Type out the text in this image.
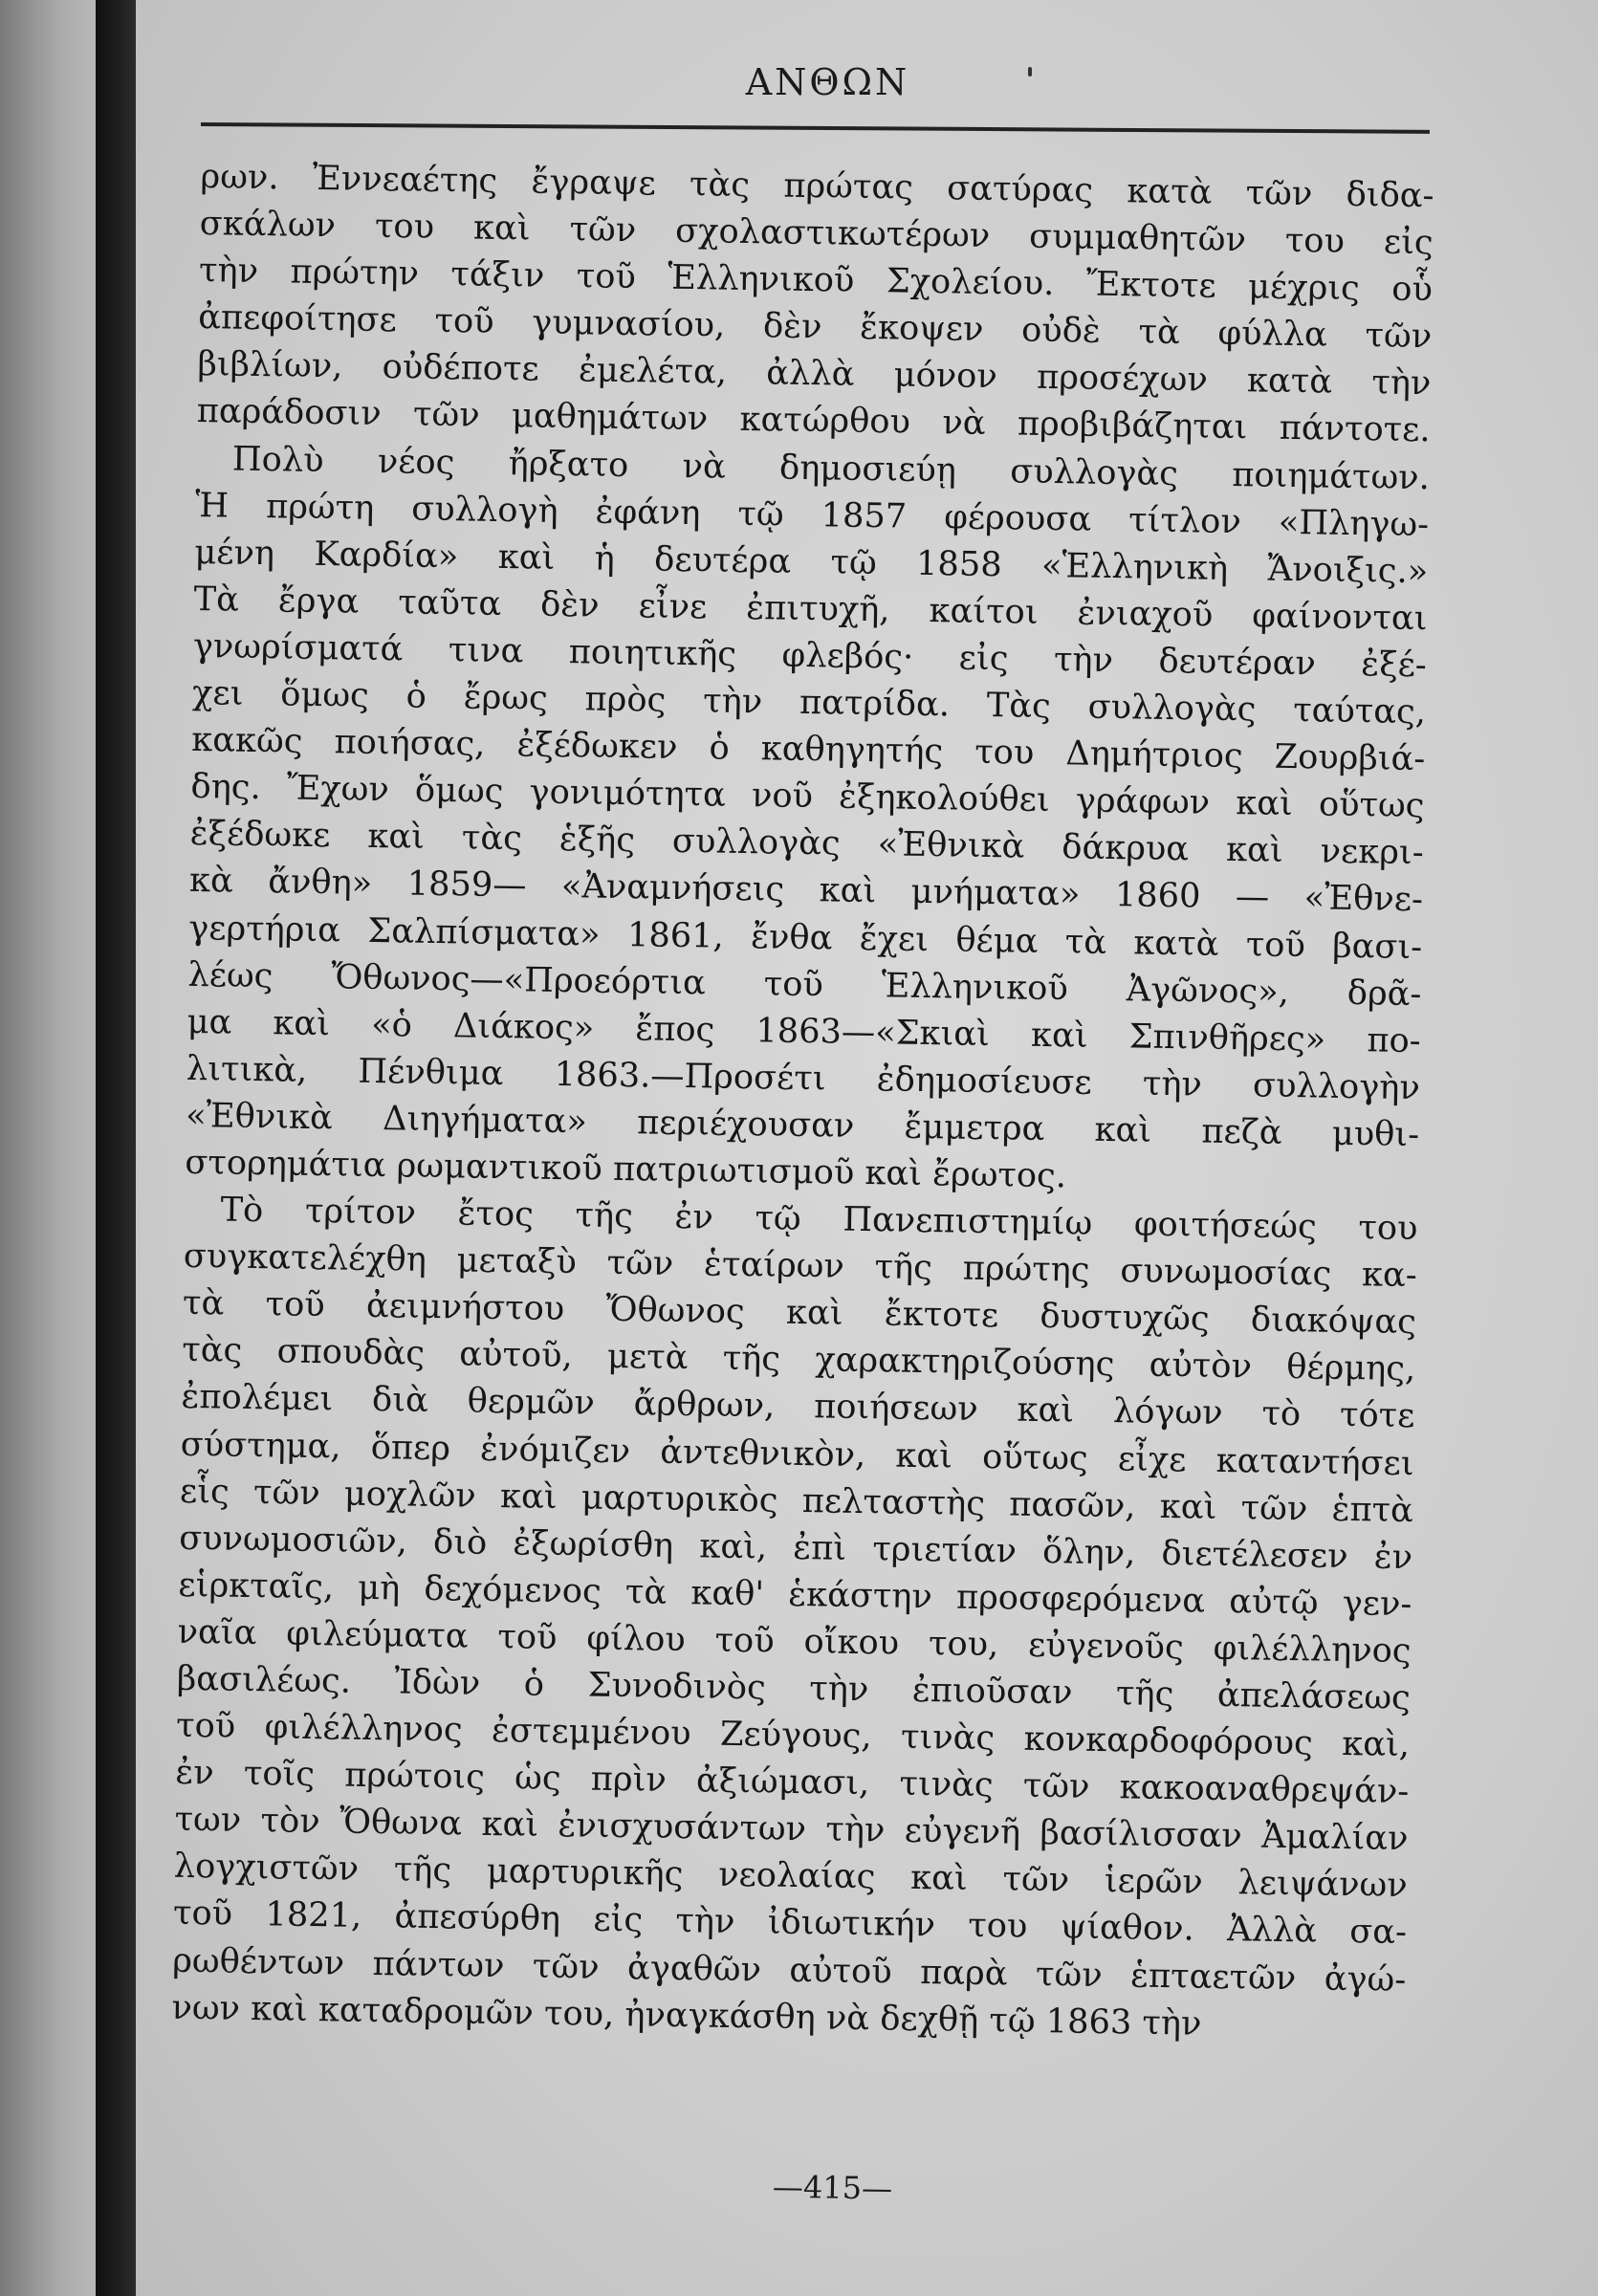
ΑΝΘΩΝ
ρων. Ἐννεαέτης ἔγραψε τὰς πρώτας σατύρας κατὰ τῶν διδα-
σκάλων του καὶ τῶν σχολαστικωτέρων συμμαθητῶν του εἰς
τὴν πρώτην τάξιν τοῦ Ἑλληνικοῦ Σχολείου. Ἔκτοτε μέχρις οὗ
ἀπεφοίτησε τοῦ γυμνασίου, δὲν ἔκοψεν οὐδὲ τὰ φύλλα τῶν
βιβλίων, οὐδέποτε ἐμελέτα, ἀλλὰ μόνον προσέχων κατὰ τὴν
παράδοσιν τῶν μαθημάτων κατώρθου νὰ προβιβάζηται πάντοτε.
Πολὺ νέος ἤρξατο νὰ δημοσιεύῃ συλλογὰς ποιημάτων.
Ἡ πρώτη συλλογὴ ἐφάνη τῷ 1857 φέρουσα τίτλον «Πληγω-
μένη Καρδία» καὶ ἡ δευτέρα τῷ 1858 «Ἑλληνικὴ Ἄνοιξις.»
Τὰ ἔργα ταῦτα δὲν εἶνε ἐπιτυχῆ, καίτοι ἐνιαχοῦ φαίνονται
γνωρίσματά τινα ποιητικῆς φλεβός· εἰς τὴν δευτέραν ἐξέ-
χει ὅμως ὁ ἔρως πρὸς τὴν πατρίδα. Τὰς συλλογὰς ταύτας,
κακῶς ποιήσας, ἐξέδωκεν ὁ καθηγητής του Δημήτριος Ζουρβιά-
δης. Ἔχων ὅμως γονιμότητα νοῦ ἐξηκολούθει γράφων καὶ οὕτως
ἐξέδωκε καὶ τὰς ἑξῆς συλλογὰς «Ἐθνικὰ δάκρυα καὶ νεκρι-
κὰ ἄνθη» 1859— «Ἀναμνήσεις καὶ μνήματα» 1860 — «Ἐθνε-
γερτήρια Σαλπίσματα» 1861, ἔνθα ἔχει θέμα τὰ κατὰ τοῦ βασι-
λέως Ὄθωνος—«Προεόρτια τοῦ Ἑλληνικοῦ Ἀγῶνος», δρᾶ-
μα καὶ «ὁ Διάκος» ἔπος 1863—«Σκιαὶ καὶ Σπινθῆρες» πο-
λιτικὰ, Πένθιμα 1863.—Προσέτι ἐδημοσίευσε τὴν συλλογὴν
«Ἐθνικὰ Διηγήματα» περιέχουσαν ἔμμετρα καὶ πεζὰ μυθι-
στορημάτια ρωμαντικοῦ πατριωτισμοῦ καὶ ἔρωτος.
Τὸ τρίτον ἔτος τῆς ἐν τῷ Πανεπιστημίῳ φοιτήσεώς του
συγκατελέχθη μεταξὺ τῶν ἑταίρων τῆς πρώτης συνωμοσίας κα-
τὰ τοῦ ἀειμνήστου Ὄθωνος καὶ ἔκτοτε δυστυχῶς διακόψας
τὰς σπουδὰς αὐτοῦ, μετὰ τῆς χαρακτηριζούσης αὐτὸν θέρμης,
ἐπολέμει διὰ θερμῶν ἄρθρων, ποιήσεων καὶ λόγων τὸ τότε
σύστημα, ὅπερ ἐνόμιζεν ἀντεθνικὸν, καὶ οὕτως εἶχε καταντήσει
εἷς τῶν μοχλῶν καὶ μαρτυρικὸς πελταστὴς πασῶν, καὶ τῶν ἑπτὰ
συνωμοσιῶν, διὸ ἐξωρίσθη καὶ, ἐπὶ τριετίαν ὅλην, διετέλεσεν ἐν
εἱρκταῖς, μὴ δεχόμενος τὰ καθ' ἑκάστην προσφερόμενα αὐτῷ γεν-
ναῖα φιλεύματα τοῦ φίλου τοῦ οἴκου του, εὐγενοῦς φιλέλληνος
βασιλέως. Ἰδὼν ὁ Συνοδινὸς τὴν ἐπιοῦσαν τῆς ἀπελάσεως
τοῦ φιλέλληνος ἐστεμμένου Ζεύγους, τινὰς κονκαρδοφόρους καὶ,
ἐν τοῖς πρώτοις ὡς πρὶν ἀξιώμασι, τινὰς τῶν κακοαναθρεψάν-
των τὸν Ὄθωνα καὶ ἐνισχυσάντων τὴν εὐγενῆ βασίλισσαν Ἀμαλίαν
λογχιστῶν τῆς μαρτυρικῆς νεολαίας καὶ τῶν ἱερῶν λειψάνων
τοῦ 1821, ἀπεσύρθη εἰς τὴν ἰδιωτικήν του ψίαθον. Ἀλλὰ σα-
ρωθέντων πάντων τῶν ἀγαθῶν αὐτοῦ παρὰ τῶν ἑπταετῶν ἀγώ-
νων καὶ καταδρομῶν του, ἠναγκάσθη νὰ δεχθῇ τῷ 1863 τὴν
—415—
